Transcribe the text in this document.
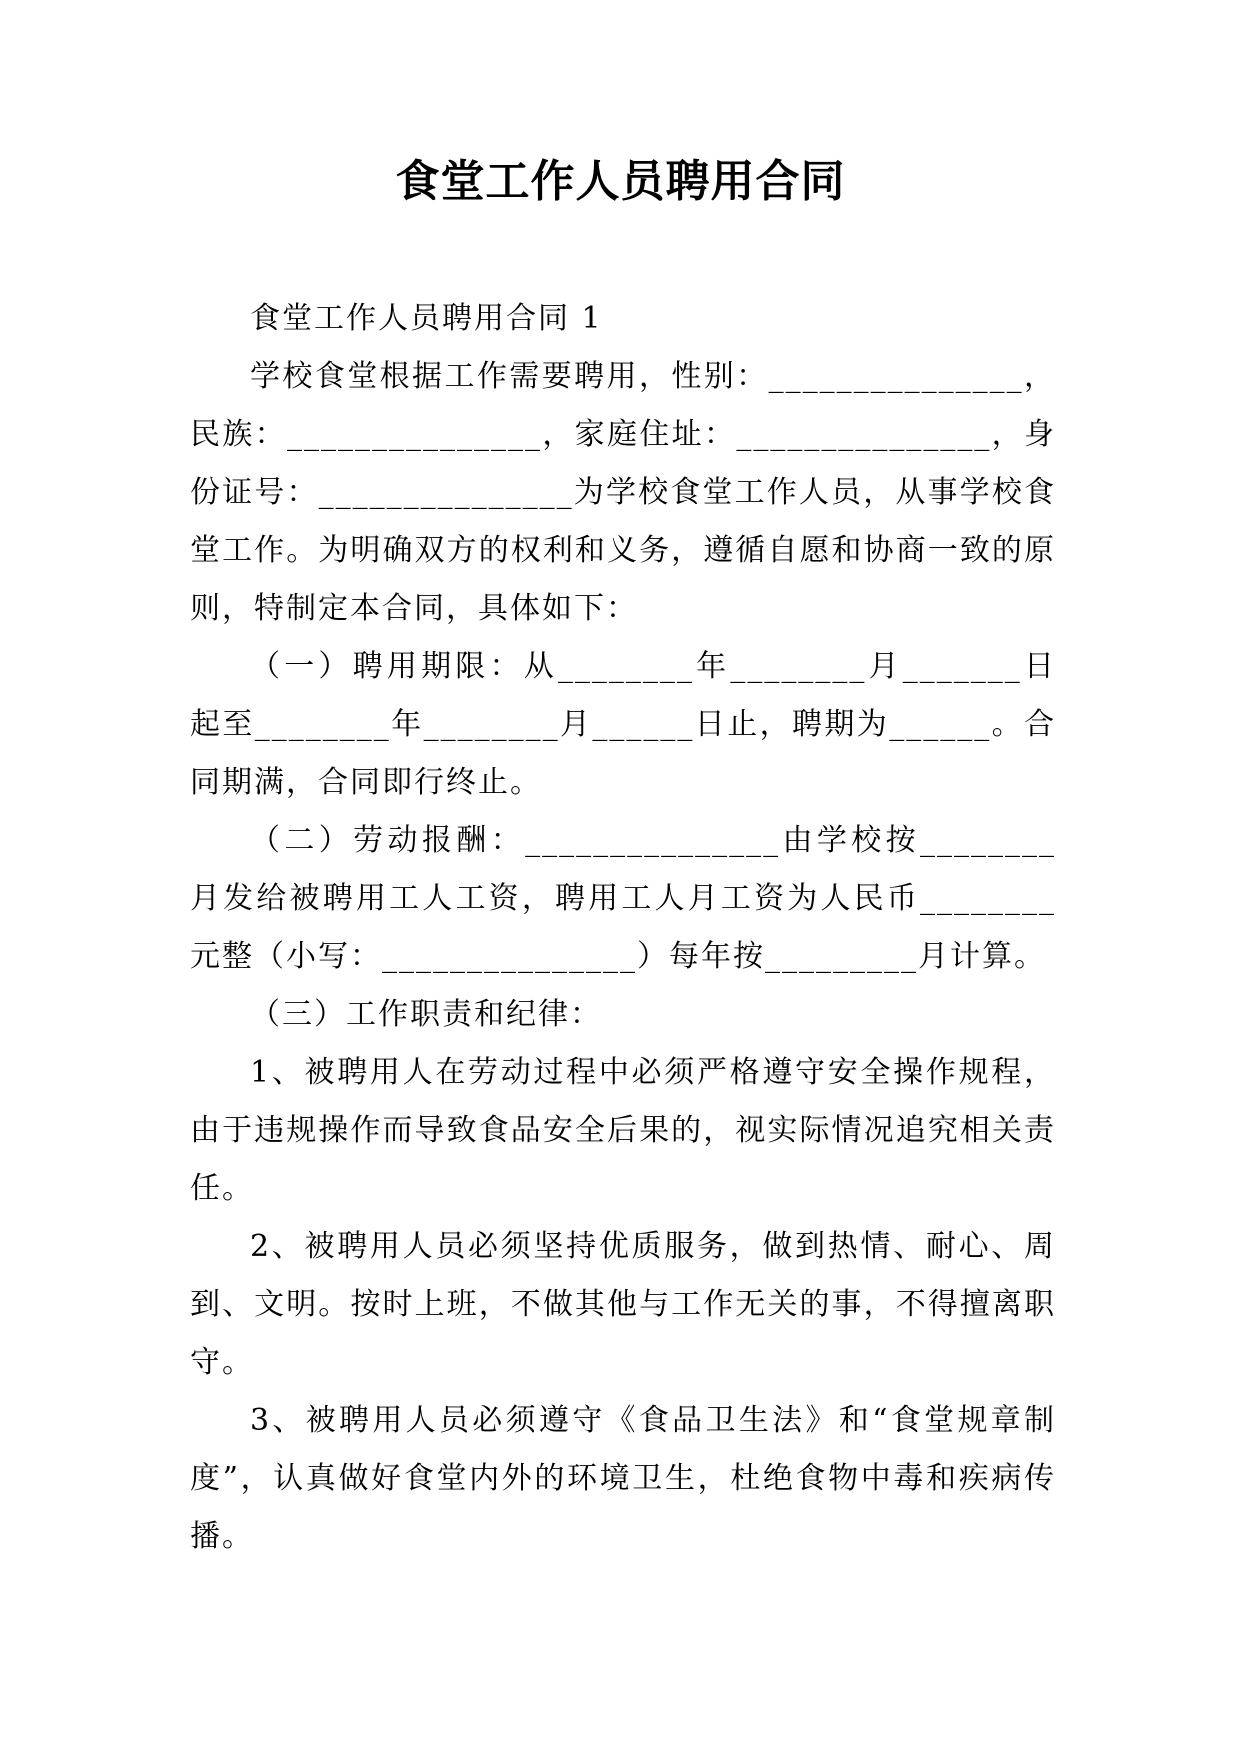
食堂工作人员聘用合同

食堂工作人员聘用合同 1

学校食堂根据工作需要聘用，性别：_______________，民族：_______________，家庭住址：_______________，身份证号：_______________为学校食堂工作人员，从事学校食堂工作。为明确双方的权利和义务，遵循自愿和协商一致的原则，特制定本合同，具体如下：

（一）聘用期限：从________年________月_______日起至________年________月______日止，聘期为______。合同期满，合同即行终止。

（二）劳动报酬：_______________由学校按________月发给被聘用工人工资，聘用工人月工资为人民币________元整（小写：_______________）每年按_________月计算。

（三）工作职责和纪律：

1、被聘用人在劳动过程中必须严格遵守安全操作规程，由于违规操作而导致食品安全后果的，视实际情况追究相关责任。

2、被聘用人员必须坚持优质服务，做到热情、耐心、周到、文明。按时上班，不做其他与工作无关的事，不得擅离职守。

3、被聘用人员必须遵守《食品卫生法》和“食堂规章制度”，认真做好食堂内外的环境卫生，杜绝食物中毒和疾病传播。
